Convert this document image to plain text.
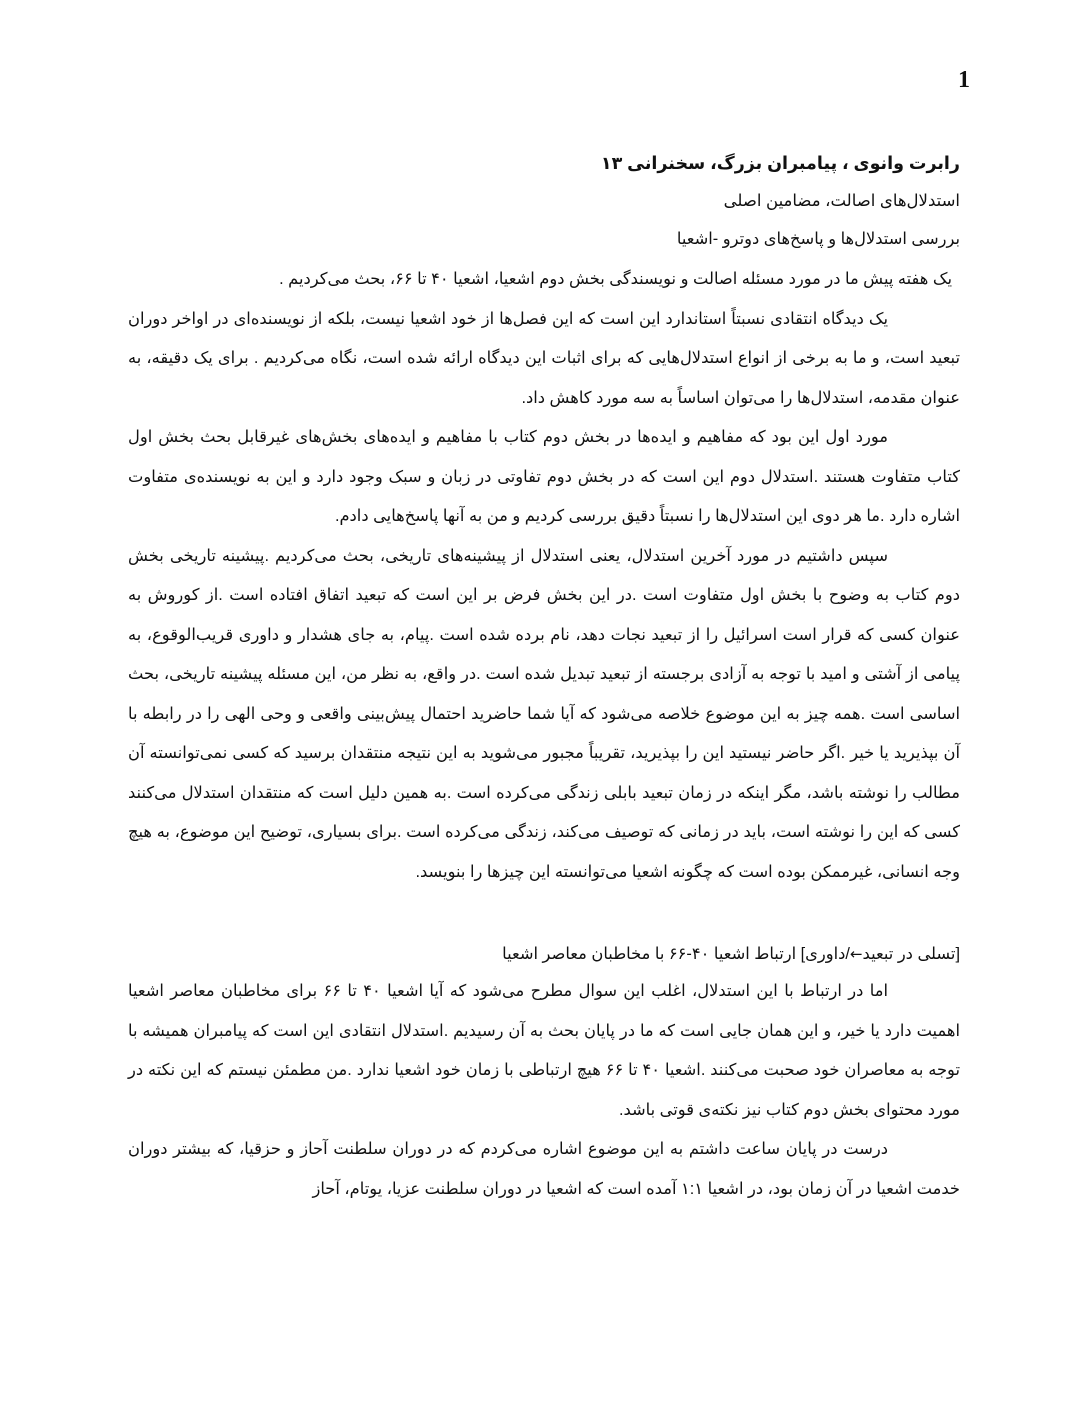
1
رابرت وانوی ، پیامبران بزرگ، سخنرانی ۱۳
استدلال‌های اصالت، مضامین اصلی
بررسی استدلال‌ها و پاسخ‌های دوترو -اشعیا

یک هفته پیش ما در مورد مسئله اصالت و نویسندگی بخش دوم اشعیا، اشعیا ۴۰ تا ۶۶، بحث می‌کردیم .

یک دیدگاه انتقادی نسبتاً استاندارد این است که این فصل‌ها از خود اشعیا نیست، بلکه از نویسنده‌ای در اواخر دوران تبعید است، و ما به برخی از انواع استدلال‌هایی که برای اثبات این دیدگاه ارائه شده است، نگاه می‌کردیم . برای یک دقیقه، به عنوان مقدمه، استدلال‌ها را می‌توان اساساً به سه مورد کاهش داد.

مورد اول این بود که مفاهیم و ایده‌ها در بخش دوم کتاب با مفاهیم و ایده‌های بخش‌های غیرقابل بحث بخش اول کتاب متفاوت هستند .استدلال دوم این است که در بخش دوم تفاوتی در زبان و سبک وجود دارد و این به نویسنده‌ی متفاوت اشاره دارد .ما هر دوی این استدلال‌ها را نسبتاً دقیق بررسی کردیم و من به آنها پاسخ‌هایی دادم.

سپس داشتیم در مورد آخرین استدلال، یعنی استدلال از پیشینه‌های تاریخی، بحث می‌کردیم .پیشینه تاریخی بخش دوم کتاب به وضوح با بخش اول متفاوت است .در این بخش فرض بر این است که تبعید اتفاق افتاده است .از کوروش به عنوان کسی که قرار است اسرائیل را از تبعید نجات دهد، نام برده شده است .پیام، به جای هشدار و داوری قریب‌الوقوع، به پیامی از آشتی و امید با توجه به آزادی برجسته از تبعید تبدیل شده است .در واقع، به نظر من، این مسئله پیشینه تاریخی، بحث اساسی است .همه چیز به این موضوع خلاصه می‌شود که آیا شما حاضرید احتمال پیش‌بینی واقعی و وحی الهی را در رابطه با آن بپذیرید یا خیر .اگر حاضر نیستید این را بپذیرید، تقریباً مجبور می‌شوید به این نتیجه منتقدان برسید که کسی نمی‌توانسته آن مطالب را نوشته باشد، مگر اینکه در زمان تبعید بابلی زندگی می‌کرده است .به همین دلیل است که منتقدان استدلال می‌کنند کسی که این را نوشته است، باید در زمانی که توصیف می‌کند، زندگی می‌کرده است .برای بسیاری، توضیح این موضوع، به هیچ وجه انسانی، غیرممکن بوده است که چگونه اشعیا می‌توانسته این چیزها را بنویسد.

[تسلی در تبعید←/داوری] ارتباط اشعیا ۴۰-۶۶ با مخاطبان معاصر اشعیا

اما در ارتباط با این استدلال، اغلب این سوال مطرح می‌شود که آیا اشعیا ۴۰ تا ۶۶ برای مخاطبان معاصر اشعیا اهمیت دارد یا خیر، و این همان جایی است که ما در پایان بحث به آن رسیدیم .استدلال انتقادی این است که پیامبران همیشه با توجه به معاصران خود صحبت می‌کنند .اشعیا ۴۰ تا ۶۶ هیچ ارتباطی با زمان خود اشعیا ندارد .من مطمئن نیستم که این نکته در مورد محتوای بخش دوم کتاب نیز نکته‌ی قوتی باشد.

درست در پایان ساعت داشتم به این موضوع اشاره می‌کردم که در دوران سلطنت آحاز و حزقیا، که بیشتر دوران خدمت اشعیا در آن زمان بود، در اشعیا ۱:۱ آمده است که اشعیا در دوران سلطنت عزیا، یوتام، آحاز
